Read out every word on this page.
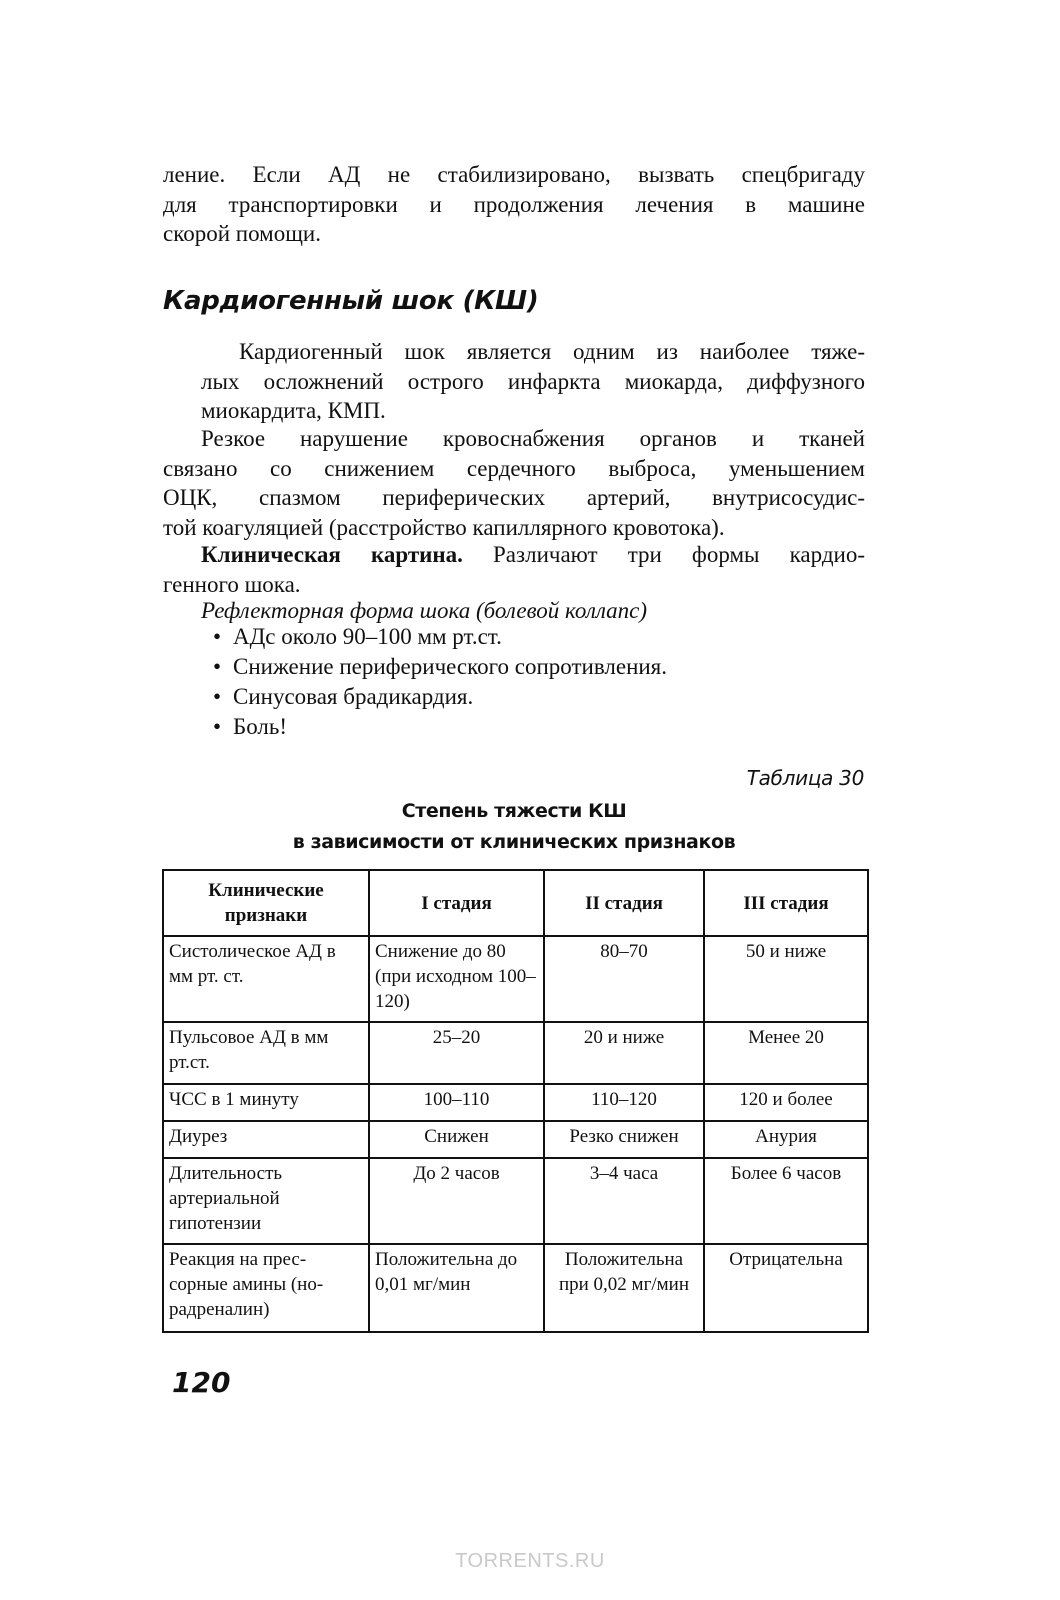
ление. Если АД не стабилизировано, вызвать спецбригаду
для транспортировки и продолжения лечения в машине
скорой помощи.

Кардиогенный шок (КШ)

Кардиогенный шок является одним из наиболее тяже-
лых осложнений острого инфаркта миокарда, диффузного
миокардита, КМП.

Резкое нарушение кровоснабжения органов и тканей
связано со снижением сердечного выброса, уменьшением
ОЦК, спазмом периферических артерий, внутрисосудис-
той коагуляцией (расстройство капиллярного кровотока).

Клиническая картина. Различают три формы кардио-
генного шока.

Рефлекторная форма шока (болевой коллапс)

• АДс около 90–100 мм рт.ст.
• Снижение периферического сопротивления.
• Синусовая брадикардия.
• Боль!
Таблица 30
Степень тяжести КШ
в зависимости от клинических признаков
Клинические признаки	I стадия	II стадия	III стадия
Систолическое АД в мм рт. ст.	Снижение до 80 (при исходном 100–120)	80–70	50 и ниже
Пульсовое АД в мм рт.ст.	25–20	20 и ниже	Менее 20
ЧСС в 1 минуту	100–110	110–120	120 и более
Диурез	Снижен	Резко снижен	Анурия
Длительность артериальной гипотензии	До 2 часов	3–4 часа	Более 6 часов
Реакция на прес-сорные амины (но-радреналин)	Положительна до 0,01 мг/мин	Положительна при 0,02 мг/мин	Отрицательна
120
TORRENTS.RU
